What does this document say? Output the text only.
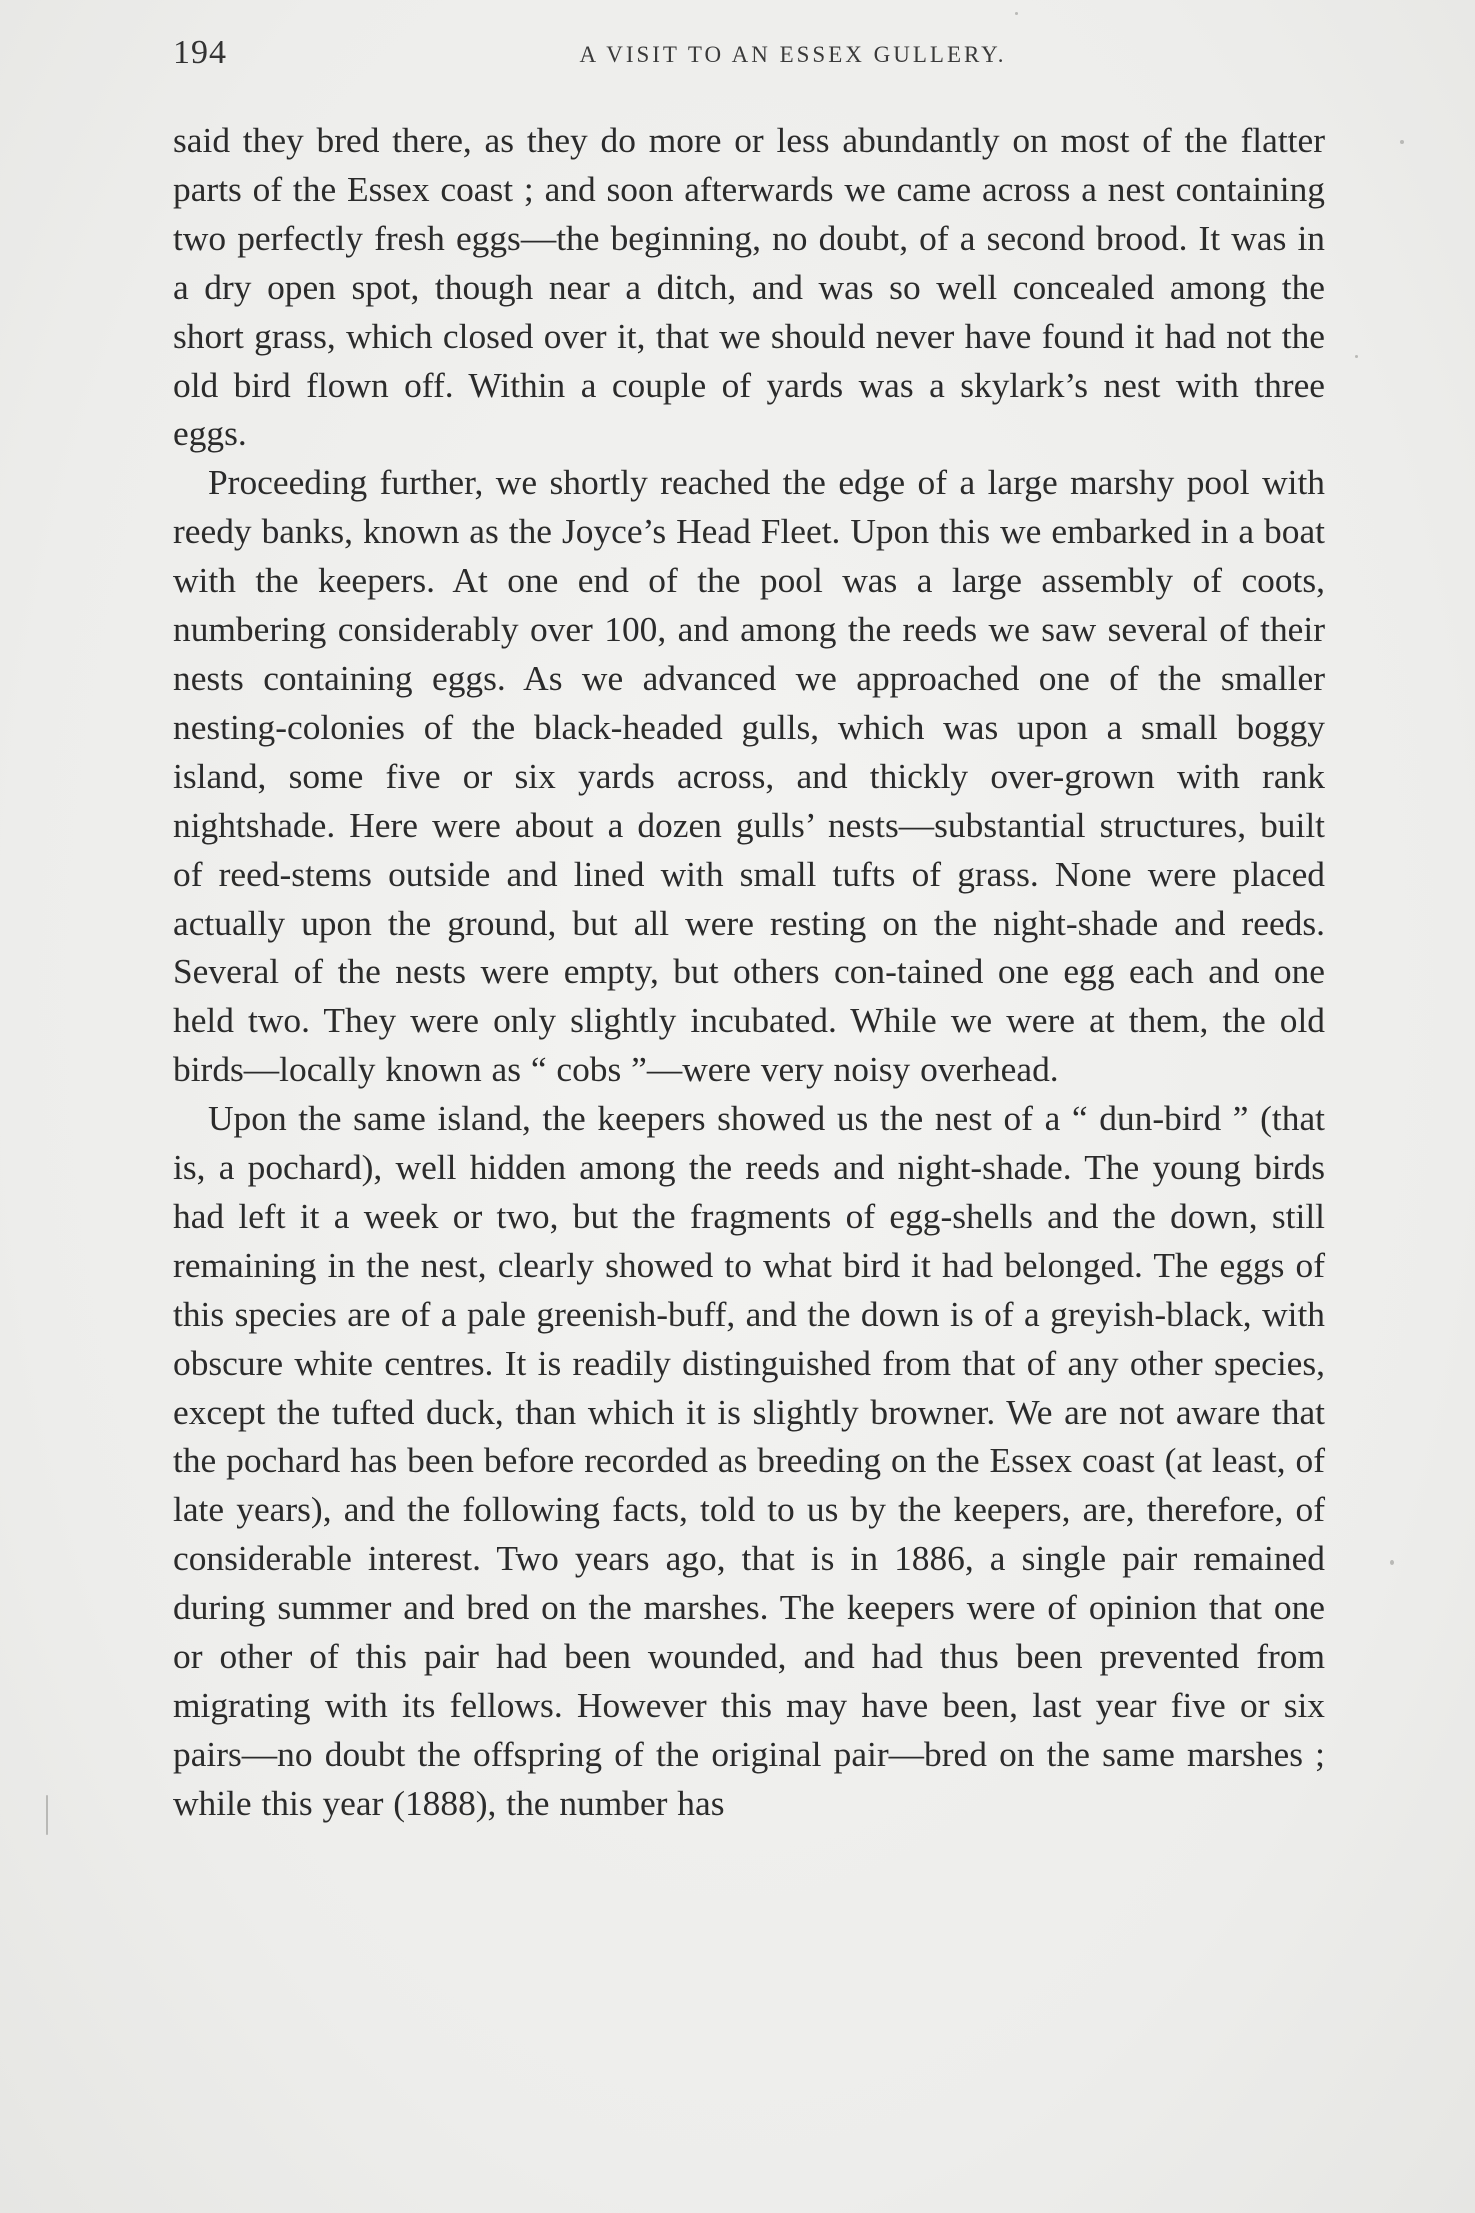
194	A VISIT TO AN ESSEX GULLERY.

said they bred there, as they do more or less abundantly on most of the flatter parts of the Essex coast ; and soon afterwards we came across a nest containing two perfectly fresh eggs—the beginning, no doubt, of a second brood. It was in a dry open spot, though near a ditch, and was so well concealed among the short grass, which closed over it, that we should never have found it had not the old bird flown off. Within a couple of yards was a skylark’s nest with three eggs.

Proceeding further, we shortly reached the edge of a large marshy pool with reedy banks, known as the Joyce’s Head Fleet. Upon this we embarked in a boat with the keepers. At one end of the pool was a large assembly of coots, numbering considerably over 100, and among the reeds we saw several of their nests containing eggs. As we advanced we approached one of the smaller nesting-colonies of the black-headed gulls, which was upon a small boggy island, some five or six yards across, and thickly over-grown with rank nightshade. Here were about a dozen gulls’ nests—substantial structures, built of reed-stems outside and lined with small tufts of grass. None were placed actually upon the ground, but all were resting on the night-shade and reeds. Several of the nests were empty, but others con-tained one egg each and one held two. They were only slightly incubated. While we were at them, the old birds—locally known as “ cobs ”—were very noisy overhead.

Upon the same island, the keepers showed us the nest of a “ dun-bird ” (that is, a pochard), well hidden among the reeds and night-shade. The young birds had left it a week or two, but the fragments of egg-shells and the down, still remaining in the nest, clearly showed to what bird it had belonged. The eggs of this species are of a pale greenish-buff, and the down is of a greyish-black, with obscure white centres. It is readily distinguished from that of any other species, except the tufted duck, than which it is slightly browner. We are not aware that the pochard has been before recorded as breeding on the Essex coast (at least, of late years), and the following facts, told to us by the keepers, are, therefore, of considerable interest. Two years ago, that is in 1886, a single pair remained during summer and bred on the marshes. The keepers were of opinion that one or other of this pair had been wounded, and had thus been prevented from migrating with its fellows. However this may have been, last year five or six pairs—no doubt the offspring of the original pair—bred on the same marshes ; while this year (1888), the number has
